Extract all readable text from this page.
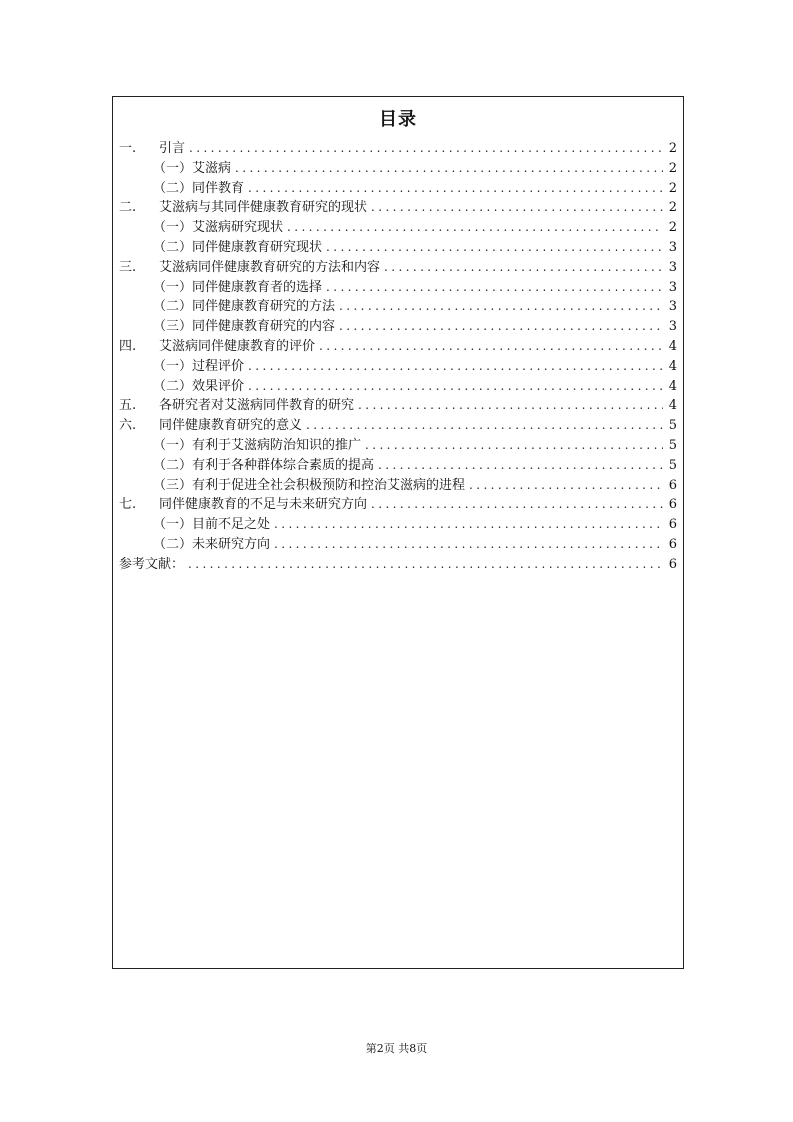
目录
一.	引言 .....	2
（一）艾滋病 .....	2
（二）同伴教育 .....	2
二.	艾滋病与其同伴健康教育研究的现状 .....	2
（一）艾滋病研究现状 .....	2
（二）同伴健康教育研究现状 .....	3
三.	艾滋病同伴健康教育研究的方法和内容 .....	3
（一）同伴健康教育者的选择 .....	3
（二）同伴健康教育研究的方法 .....	3
（三）同伴健康教育研究的内容 .....	3
四.	艾滋病同伴健康教育的评价 .....	4
（一）过程评价 .....	4
（二）效果评价 .....	4
五.	各研究者对艾滋病同伴教育的研究 .....	4
六.	同伴健康教育研究的意义 .....	5
（一）有利于艾滋病防治知识的推广 .....	5
（二）有利于各种群体综合素质的提高 .....	5
（三）有利于促进全社会积极预防和控治艾滋病的进程 .....	6
七.	同伴健康教育的不足与未来研究方向 .....	6
（一）目前不足之处 .....	6
（二）未来研究方向 .....	6
参考文献： .....	6
第2页 共8页
